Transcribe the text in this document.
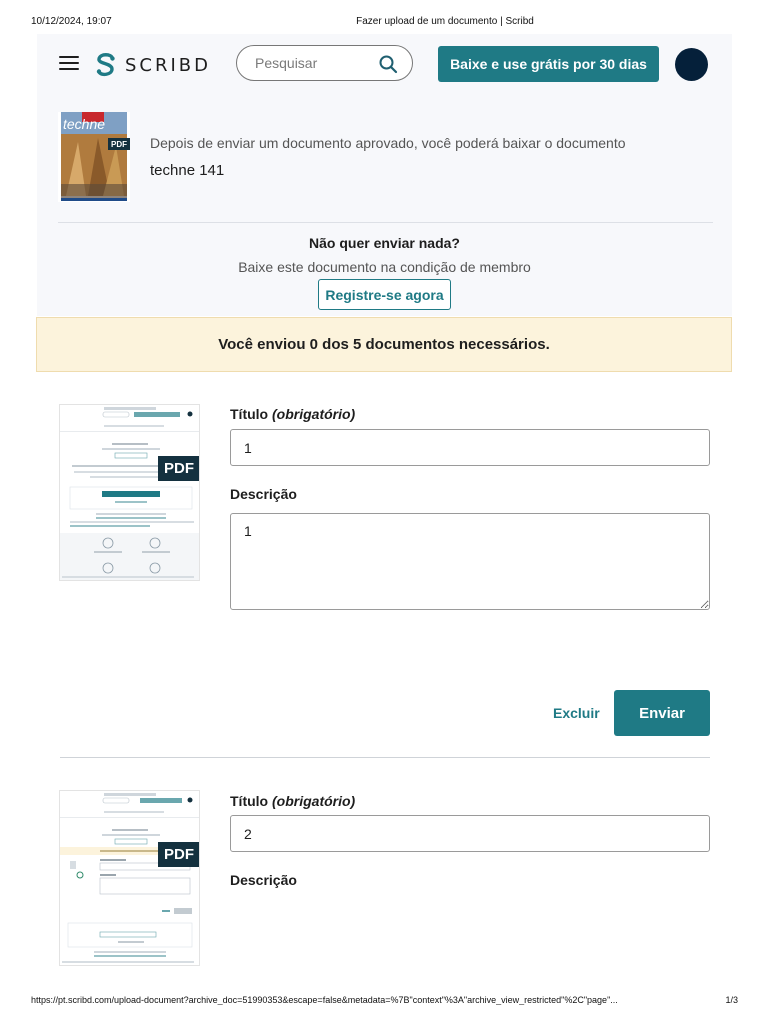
10/12/2024, 19:07	Fazer upload de um documento | Scribd
SCRIBD
Pesquisar	Baixe e use grátis por 30 dias
techne
PDF Depois de enviar um documento aprovado, você poderá baixar o documento
techne 141
Não quer enviar nada?
Baixe este documento na condição de membro
Registre-se agora
Você enviou 0 dos 5 documentos necessários.
PDF
Título (obrigatório)
1
Descrição
1
Excluir	Enviar
PDF
Título (obrigatório)
2
Descrição
https://pt.scribd.com/upload-document?archive_doc=51990353&escape=false&metadata=%7B"context"%3A"archive_view_restricted"%2C"page"...	1/3
